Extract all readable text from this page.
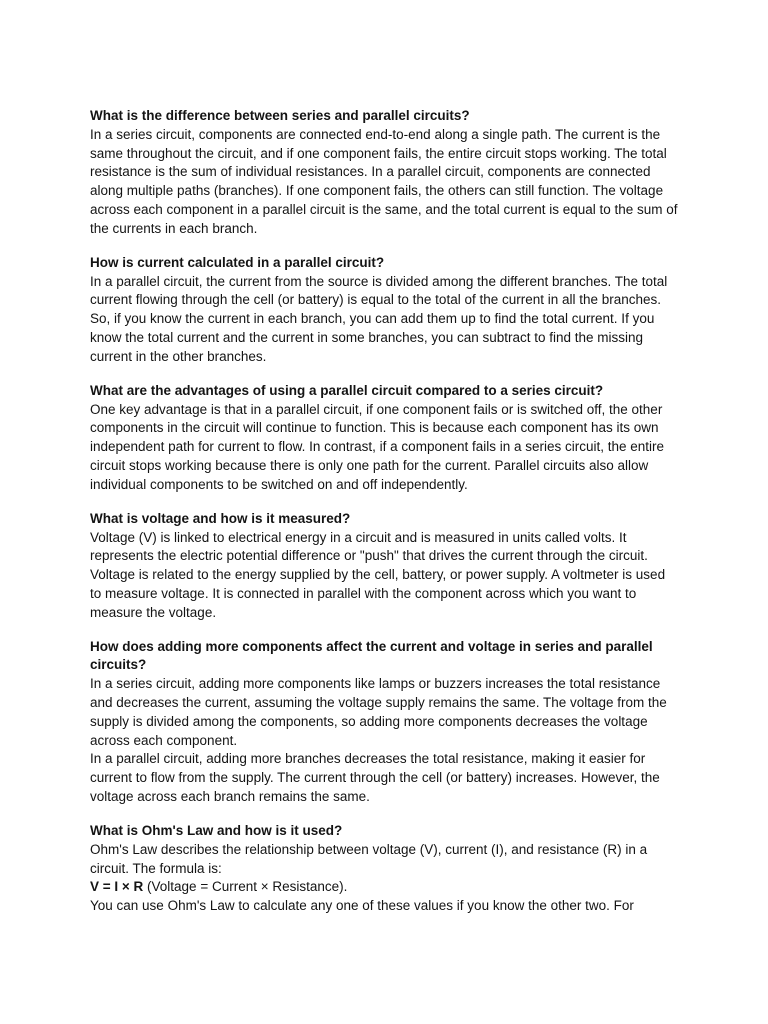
What is the difference between series and parallel circuits?

In a series circuit, components are connected end-to-end along a single path. The current is the same throughout the circuit, and if one component fails, the entire circuit stops working. The total resistance is the sum of individual resistances. In a parallel circuit, components are connected along multiple paths (branches). If one component fails, the others can still function. The voltage across each component in a parallel circuit is the same, and the total current is equal to the sum of the currents in each branch.

How is current calculated in a parallel circuit?

In a parallel circuit, the current from the source is divided among the different branches. The total current flowing through the cell (or battery) is equal to the total of the current in all the branches. So, if you know the current in each branch, you can add them up to find the total current. If you know the total current and the current in some branches, you can subtract to find the missing current in the other branches.

What are the advantages of using a parallel circuit compared to a series circuit?

One key advantage is that in a parallel circuit, if one component fails or is switched off, the other components in the circuit will continue to function. This is because each component has its own independent path for current to flow. In contrast, if a component fails in a series circuit, the entire circuit stops working because there is only one path for the current. Parallel circuits also allow individual components to be switched on and off independently.

What is voltage and how is it measured?

Voltage (V) is linked to electrical energy in a circuit and is measured in units called volts. It represents the electric potential difference or "push" that drives the current through the circuit. Voltage is related to the energy supplied by the cell, battery, or power supply. A voltmeter is used to measure voltage. It is connected in parallel with the component across which you want to measure the voltage.

How does adding more components affect the current and voltage in series and parallel circuits?

In a series circuit, adding more components like lamps or buzzers increases the total resistance and decreases the current, assuming the voltage supply remains the same. The voltage from the supply is divided among the components, so adding more components decreases the voltage across each component.

In a parallel circuit, adding more branches decreases the total resistance, making it easier for current to flow from the supply. The current through the cell (or battery) increases. However, the voltage across each branch remains the same.

What is Ohm's Law and how is it used?

Ohm's Law describes the relationship between voltage (V), current (I), and resistance (R) in a circuit. The formula is:

V = I × R (Voltage = Current × Resistance).

You can use Ohm's Law to calculate any one of these values if you know the other two. For
